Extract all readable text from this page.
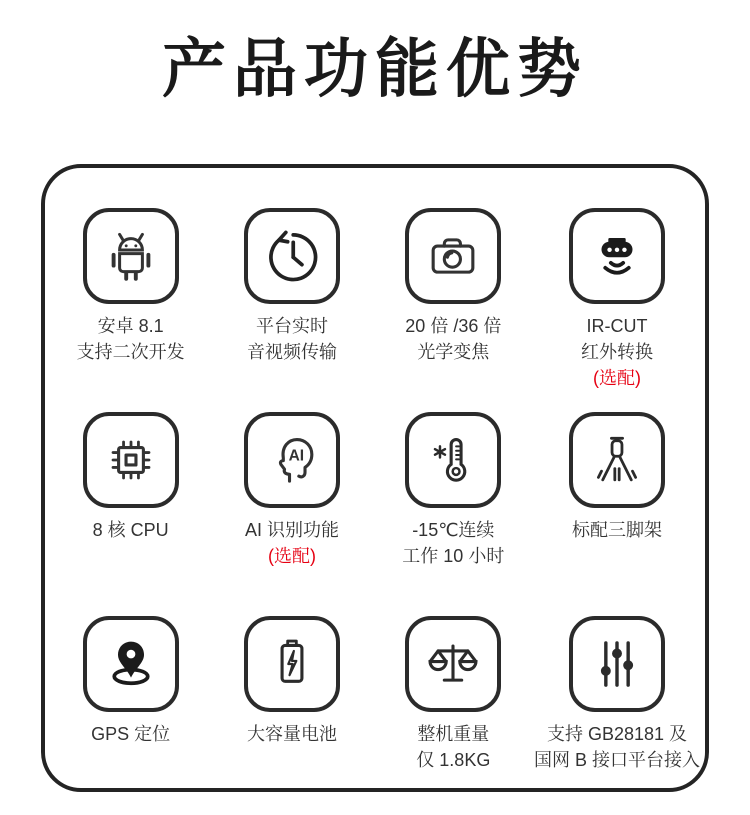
产品功能优势
安卓 8.1
支持二次开发
平台实时
音视频传输
20 倍 /36 倍
光学变焦
IR-CUT
红外转换
(选配)
8 核 CPU
AI
AI 识别功能
(选配)
-15℃连续
工作 10 小时
标配三脚架
GPS 定位	大容量电池	整机重量
仅 1.8KG
支持 GB28181 及
国网 B 接口平台接入
